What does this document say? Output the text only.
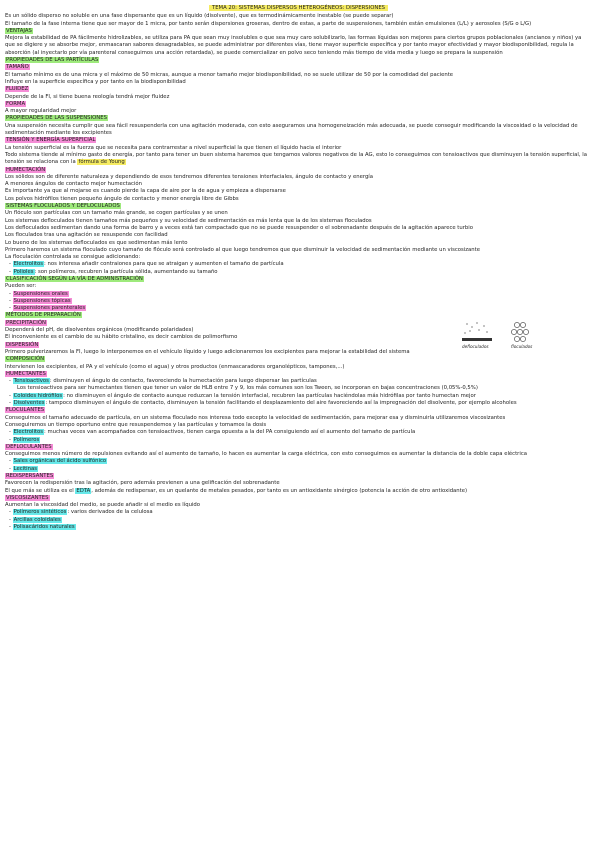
TEMA 20: SISTEMAS DISPERSOS HETEROGÉNEOS: DISPERSIONES
Es un sólido disperso no soluble en una fase dispersante que es un líquido (disolvente), que es termodinámicamente inestable (se puede separar)
El tamaño de la fase interna tiene que ser mayor de 1 micra, por tanto serán dispersiones groseras, dentro de estas, a parte de suspensiones, también están emulsiones (L/L) y aerosoles (S/G o L/G)
VENTAJAS
Mejora la estabilidad de PA fácilmente hidrolizables, se utiliza para PA que sean muy insolubles o que sea muy caro solubilizarlo, las formas líquidas son mejores para ciertos grupos poblacionales (ancianos y niños) ya que se digiere y se absorbe mejor, enmascaran sabores desagradables, se puede administrar por diferentes vías, tiene mayor superficie específica y por tanto mayor efectividad y mayor biodisponibilidad, regula la absorción (al inyectarlo por vía parenteral conseguimos una acción retardada), se puede comercializar en polvo seco teniendo más tiempo de vida media y luego se prepara la suspensión
PROPIEDADES DE LAS PARTÍCULAS
TAMAÑO
El tamaño mínimo es de una micra y el máximo de 50 micras, aunque a menor tamaño mejor biodisponibilidad, no se suele utilizar de 50 por la comodidad del paciente
Influye en la superficie específica y por tanto en la biodisponibilidad
FLUIDEZ
Depende de la FI, si tiene buena reología tendrá mejor fluidez
FORMA
A mayor regularidad mejor
PROPIEDADES DE LAS SUSPENSIONES
Una suspensión necesita cumplir que sea fácil resuspenderla con una agitación moderada, con esto aseguramos una homogeneización más adecuada, se puede conseguir modificando la viscosidad o la velocidad de sedimentación mediante los excipientes
TENSIÓN Y ENERGÍA SUPERFICIAL
La tensión superficial es la fuerza que se necesita para contrarrestar a nivel superficial la que tienen el líquido hacia el interior
Todo sistema tiende al mínimo gasto de energía, por tanto para tener un buen sistema haremos que tengamos valores negativos de la AG, esto lo conseguimos con tensioactivos que disminuyen la tensión superficial, la tensión se relaciona con la fórmula de Young
HUMECTACIÓN
Los sólidos son de diferente naturaleza y dependiendo de esos tendremos diferentes tensiones interfaciales, ángulo de contacto y energía
A menores ángulos de contacto mejor humectación
Es importante ya que al mojarse es cuando pierde la capa de aire por la de agua y empieza a dispersarse
Los polvos hidrófilos tienen pequeño ángulo de contacto y menor energía libre de Gibbs
SISTEMAS FLOCULADOS Y DEFLOCULADOS
Un flóculo son partículas con un tamaño más grande, se cogen partículas y se unen
Los sistemas defloculados tienen tamaños más pequeños y su velocidad de sedimentación es más lenta que la de los sistemas floculados
Los defloculados sedimentan dando una forma de barro y a veces está tan compactado que no se puede resuspender o el sobrenadante después de la agitación aparece turbio
Los floculados tras una agitación se resuspende con facilidad
Lo bueno de los sistemas defloculados es que sedimentan más lento
Primero haremos un sistema floculado cuyo tamaño de flóculo será controlado al que luego tendremos que que disminuir la velocidad de sedimentación mediante un viscosizante
La floculación controlada se consigue adicionando:
- Electrolitos: nos interesa añadir contraiones para que se atraigan y aumenten el tamaño de partícula
- Polioles: son polímeros, recubren la partícula sólida, aumentando su tamaño
CLASIFICACIÓN SEGÚN LA VÍA DE ADMINISTRACIÓN
Pueden ser:
- Suspensiones orales
- Suspensiones tópicas
- Suspensiones parenterales
MÉTODOS DE PREPARACIÓN
PRECIPITACIÓN
Dependerá del pH, de disolventes orgánicos (modificando polaridades)
El inconveniente es el cambio de su hábito cristalino, es decir cambios de polimorfismo
DISPERSIÓN
Primero pulverizaremos la FI, luego lo interponemos en el vehículo líquido y luego adicionaremos los excipientes para mejorar la estabilidad del sistema
COMPOSICIÓN
Intervienen los excipientes, el PA y el vehículo (como el agua) y otros productos (enmascaradores organolépticos, tampones,...)
HUMECTANTES
- Tensioactivos: disminuyen el ángulo de contacto, favoreciendo la humectación para luego dispersar las partículas
Los tensioactivos para ser humectantes tienen que tener un valor de HLB entre 7 y 9, los más comunes son los Tween, se incorporan en bajas concentraciones (0,05%-0,5%)
- Coloides hidrófilos: no disminuyen el ángulo de contacto aunque reduzcan la tensión interfacial, recubren las partículas haciéndolas más hidrófilas por tanto humectan mejor
- Disolventes: tampoco disminuyen el ángulo de contacto, disminuyen la tensión facilitando el desplazamiento del aire favoreciendo así la impregnación del disolvente, por ejemplo alcoholes
FLOCULANTES
Conseguimos el tamaño adecuado de partícula, en un sistema floculado nos interesa todo excepto la velocidad de sedimentación, para mejorar esa y disminuirla utilizaremos viscosizantes
Conseguiremos un tiempo oportuno entre que resuspendemos y las partículas y tomamos la dosis
- Electrolitos: muchas veces van acompañados con tensioactivos, tienen carga opuesta a la del PA consiguiendo así el aumento del tamaño de partícula
- Polímeros
DEFLOCULANTES
Conseguimos menos número de repulsiones evitando así el aumento de tamaño, lo hacen es aumentar la carga eléctrica, con esto conseguimos es aumentar la distancia de la doble capa eléctrica
- Sales orgánicas del ácido sulfónico
- Lecitinas
REDISPERSANTES
Favorecen la redispersión tras la agitación, pero además previenen a una gelificación del sobrenadante
El que más se utiliza es el EDTA, además de redispersar, es un quelante de metales pesados, por tanto es un antioxidante sinérgico (potencia la acción de otro antioxidante)
VISCOSIZANTES
Aumentan la viscosidad del medio, se puede añadir si el medio es líquido
- Polímeros sintéticos: varios derivados de la celulosa
- Arcillas coloidales
- Polisacáridos naturales
defloculados	floculados
